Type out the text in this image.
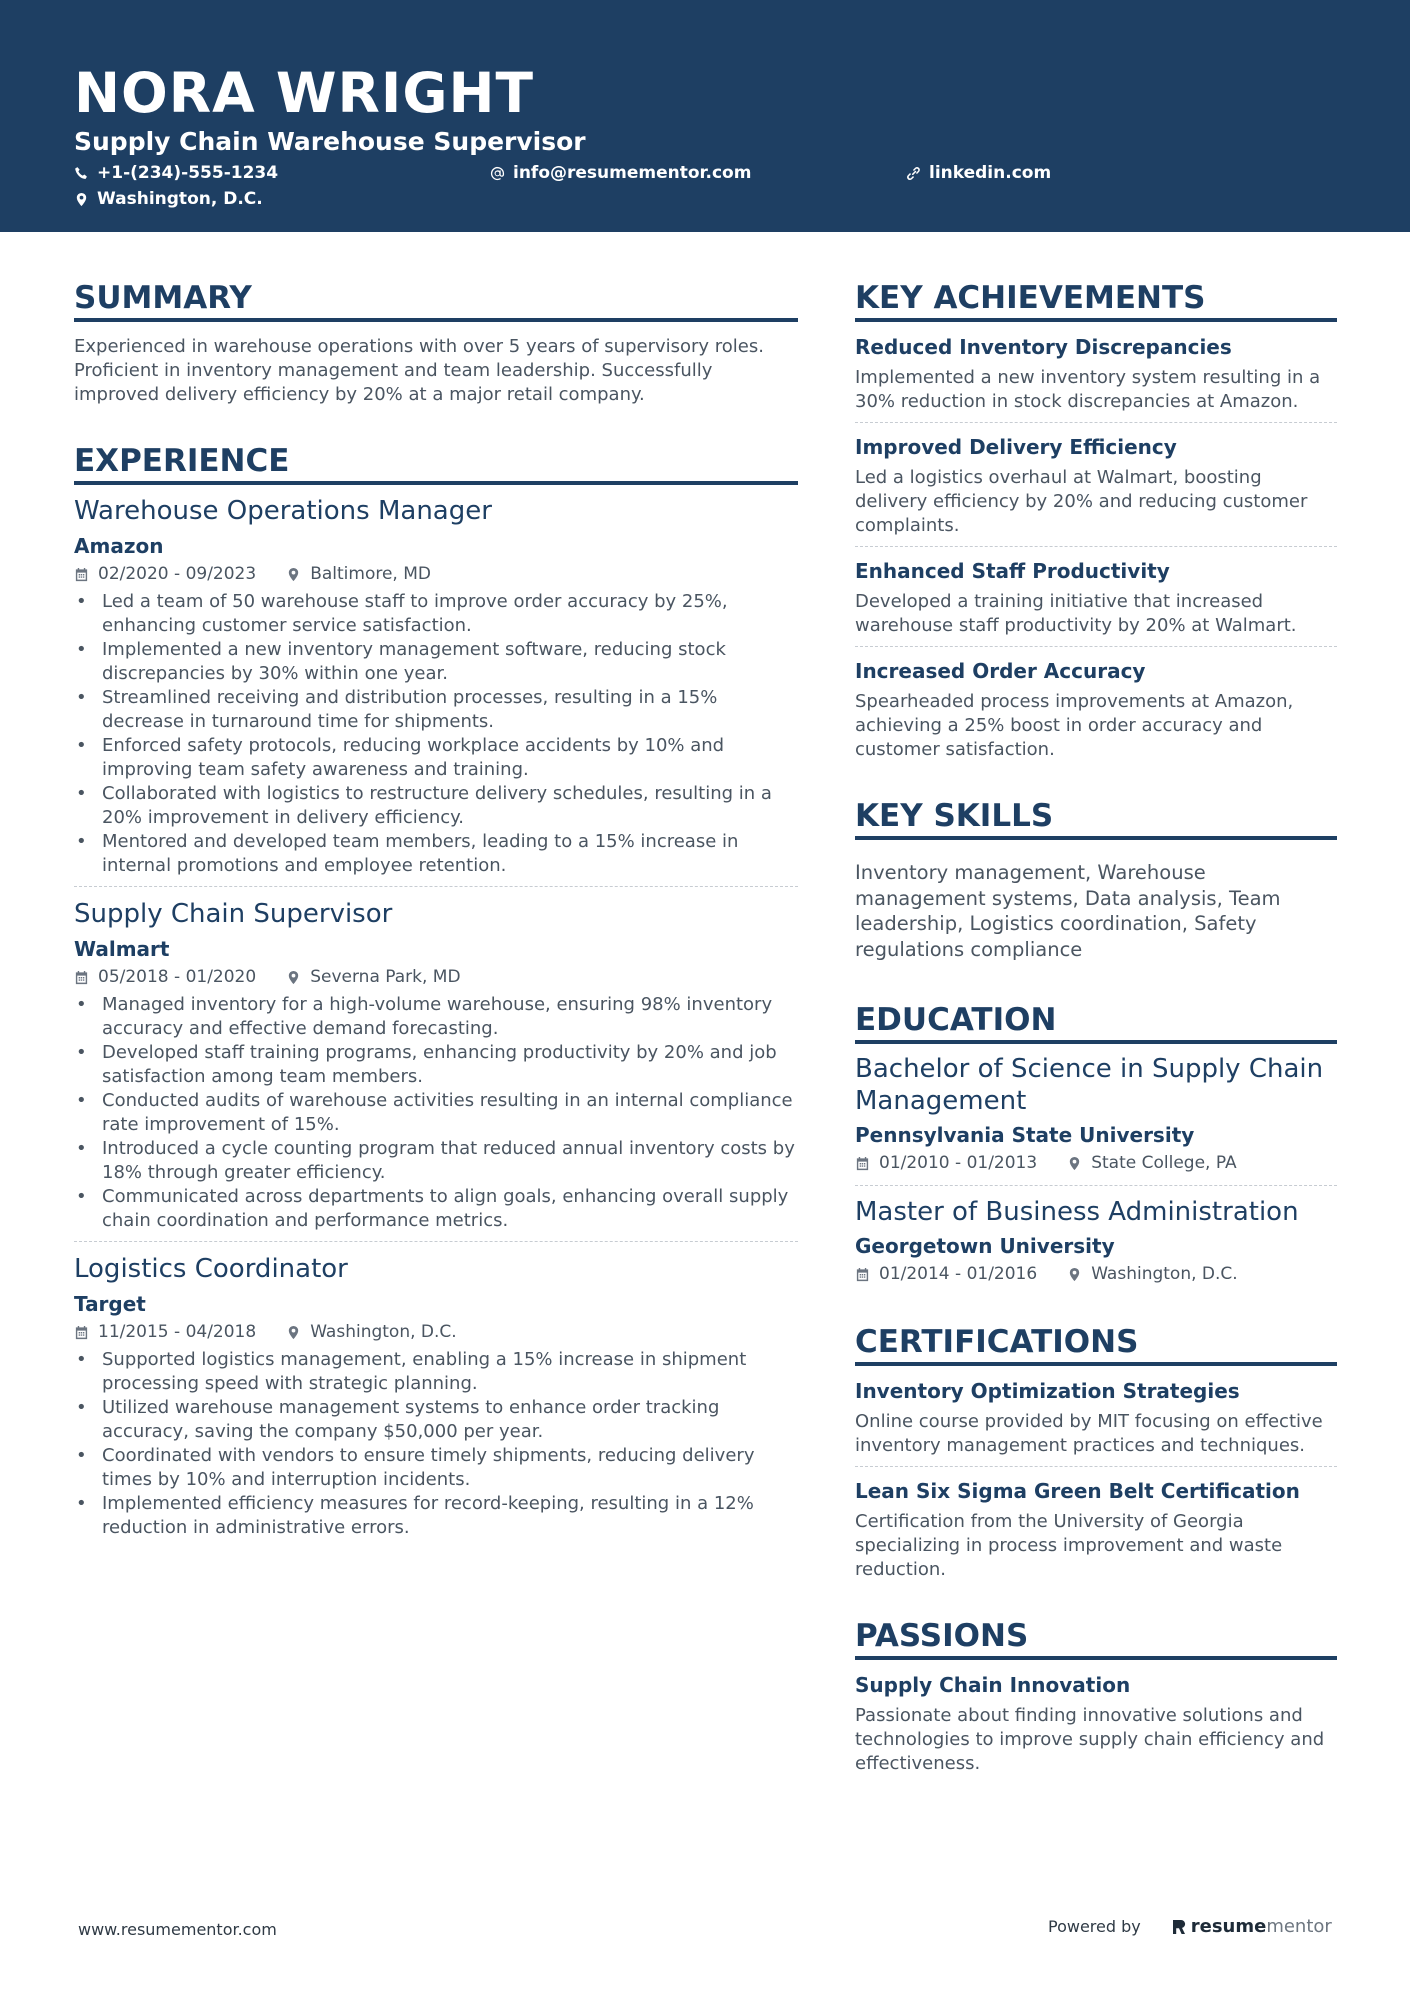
NORA WRIGHT
Supply Chain Warehouse Supervisor
+1-(234)-555-1234	info@resumementor.com	linkedin.com
Washington, D.C.
SUMMARY

Experienced in warehouse operations with over 5 years of supervisory roles. Proficient in inventory management and team leadership. Successfully improved delivery efficiency by 20% at a major retail company.

EXPERIENCE
Warehouse Operations Manager
Amazon
02/2020 - 09/2023	Baltimore, MD
• Led a team of 50 warehouse staff to improve order accuracy by 25%, enhancing customer service satisfaction.
• Implemented a new inventory management software, reducing stock discrepancies by 30% within one year.
• Streamlined receiving and distribution processes, resulting in a 15% decrease in turnaround time for shipments.
• Enforced safety protocols, reducing workplace accidents by 10% and improving team safety awareness and training.
• Collaborated with logistics to restructure delivery schedules, resulting in a 20% improvement in delivery efficiency.
• Mentored and developed team members, leading to a 15% increase in internal promotions and employee retention.
Supply Chain Supervisor
Walmart
05/2018 - 01/2020	Severna Park, MD
• Managed inventory for a high-volume warehouse, ensuring 98% inventory accuracy and effective demand forecasting.
• Developed staff training programs, enhancing productivity by 20% and job satisfaction among team members.
• Conducted audits of warehouse activities resulting in an internal compliance rate improvement of 15%.
• Introduced a cycle counting program that reduced annual inventory costs by 18% through greater efficiency.
• Communicated across departments to align goals, enhancing overall supply chain coordination and performance metrics.
Logistics Coordinator
Target
11/2015 - 04/2018	Washington, D.C.
• Supported logistics management, enabling a 15% increase in shipment processing speed with strategic planning.
• Utilized warehouse management systems to enhance order tracking accuracy, saving the company $50,000 per year.
• Coordinated with vendors to ensure timely shipments, reducing delivery times by 10% and interruption incidents.
• Implemented efficiency measures for record-keeping, resulting in a 12% reduction in administrative errors.
KEY ACHIEVEMENTS
Reduced Inventory Discrepancies

Implemented a new inventory system resulting in a 30% reduction in stock discrepancies at Amazon.

Improved Delivery Efficiency

Led a logistics overhaul at Walmart, boosting delivery efficiency by 20% and reducing customer complaints.

Enhanced Staff Productivity

Developed a training initiative that increased warehouse staff productivity by 20% at Walmart.

Increased Order Accuracy

Spearheaded process improvements at Amazon, achieving a 25% boost in order accuracy and customer satisfaction.

KEY SKILLS

Inventory management, Warehouse management systems, Data analysis, Team leadership, Logistics coordination, Safety regulations compliance

EDUCATION
Bachelor of Science in Supply Chain Management
Pennsylvania State University
01/2010 - 01/2013	State College, PA
Master of Business Administration
Georgetown University
01/2014 - 01/2016	Washington, D.C.
CERTIFICATIONS
Inventory Optimization Strategies

Online course provided by MIT focusing on effective inventory management practices and techniques.

Lean Six Sigma Green Belt Certification

Certification from the University of Georgia specializing in process improvement and waste reduction.

PASSIONS
Supply Chain Innovation

Passionate about finding innovative solutions and technologies to improve supply chain efficiency and effectiveness.

www.resumementor.com	Powered by	resume mentor
